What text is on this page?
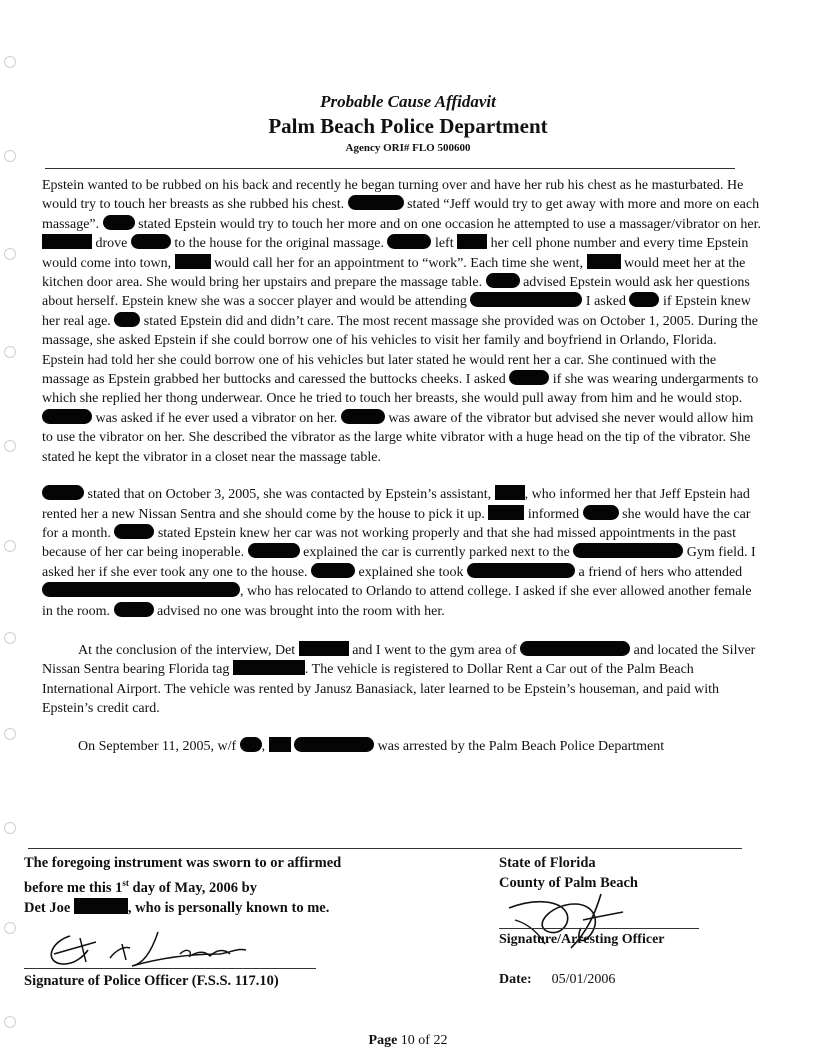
Probable Cause Affidavit
Palm Beach Police Department
Agency ORI# FLO 500600

Epstein wanted to be rubbed on his back and recently he began turning over and have her rub his chest as he masturbated. He would try to touch her breasts as she rubbed his chest.	stated “Jeff would try to get away with more and more on each massage”.  stated Epstein would try to touch her more and on one occasion he attempted to use a massager/vibrator on her.  drove	to the house for the original massage.	left  her cell phone number and every time Epstein would come into town,	would call her for an appointment to “work”. Each time she went,  would meet her at the kitchen door area. She would bring her upstairs and prepare the massage table.  advised Epstein would ask her questions about herself. Epstein knew she was a soccer player and would be attending	I asked  if Epstein knew her real age.  stated Epstein did and didn’t care. The most recent massage she provided was on October 1, 2005. During the massage, she asked Epstein if she could borrow one of his vehicles to visit her family and boyfriend in Orlando, Florida. Epstein had told her she could borrow one of his vehicles but later stated he would rent her a car. She continued with the massage as Epstein grabbed her buttocks and caressed the buttocks cheeks. I asked	if she was wearing undergarments to which she replied her thong underwear. Once he tried to touch her breasts, she would pull away from him and he would stop.  was asked if he ever used a vibrator on her.	was aware of the vibrator but advised she never would allow him to use the vibrator on her. She described the vibrator as the large white vibrator with a huge head on the tip of the vibrator. She stated he kept the vibrator in a closet near the massage table.

stated that on October 3, 2005, she was contacted by Epstein’s assistant, , who informed her that Jeff Epstein had rented her a new Nissan Sentra and she should come by the house to pick it up.	informed	she would have the car for a month.	stated Epstein knew her car was not working properly and that she had missed appointments in the past because of her car being inoperable.	explained the car is currently parked next to the	Gym field. I asked her if she ever took any one to the house.	explained she took	a friend of hers who attended , who has relocated to Orlando to attend college. I asked if she ever allowed another female in the room.	advised no one was brought into the room with her.

At the conclusion of the interview, Det	and I went to the gym area of	and located the Silver Nissan Sentra bearing Florida tag	. The vehicle is registered to Dollar Rent a Car out of the Palm Beach International Airport. The vehicle was rented by Janusz Banasiack, later learned to be Epstein’s houseman, and paid with Epstein’s credit card.

On September 11, 2005, w/f ,	was arrested by the Palm Beach Police Department

The foregoing instrument was sworn to or affirmed
before me this 1st day of May, 2006 by
Det Joe	, who is personally known to me.
Signature of Police Officer (F.S.S. 117.10)
State of Florida
County of Palm Beach
Signature/Arresting Officer
Date: 05/01/2006
Page 10 of 22
